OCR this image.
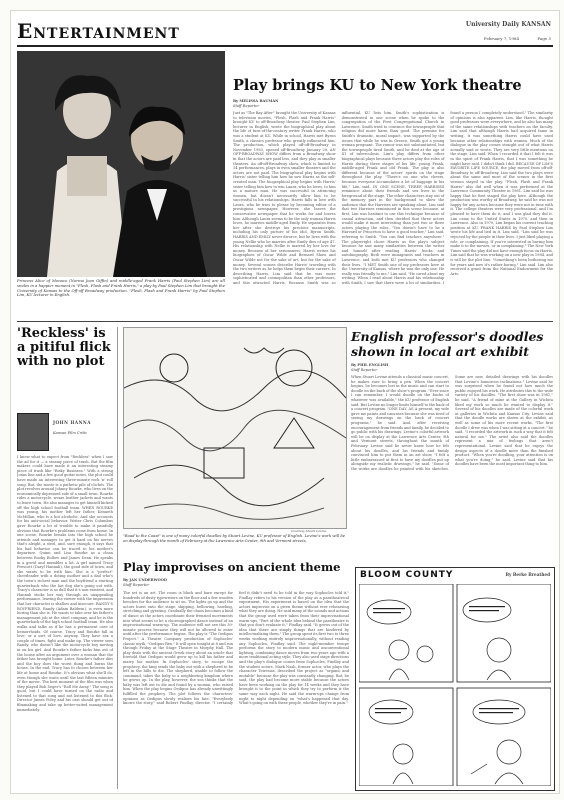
Entertainment	University Daily KANSAN
February 7, 1984	Page 5
Princess Alice of Monaco (Norma Jean Giffin) and middle-aged Frank Harris (Paul Stephen Lim) are all smiles in a happier moment in "Flesh, Flash and Frank Harris," a play by Paul Stephen Lim that brought the University of Kansas to the Off-off Broadway production. "Flesh, Flash and Frank Harris" by Paul Stephen Lim, KU lecturer in English.
Play brings KU to New York theatre
By MELISSA BAUMAN
Staff Reporter
Just as "The Bay After" brought the University of Kansas to television movies, "Flesh, Flash and Frank Harris" brought KU to off-Broadway theater. Paul Stephen Lim, lecturer in English, wrote the biographical play about the life of turn-of-the-century writer Frank Harris, who was a student at KU. While in school, Harris met Byron Smith, a classics professor who greatly influenced him. The production, which played off-off-Broadway in November 1983, opened off-Broadway January 20. AN OFF-BROADWAY SHOW differs from a Broadway show in that the actors are paid less, and they play in smaller theaters. An off-off-Broadway show, which is limited to 14 performances, plays in even smaller theaters and the actors are not paid. The biographical play begins with Harris' sister telling him how he saw Harris as the self-created man. The biographical play begins with Harris' sister telling him how to win Laura, who he loves, to him as a mature man. He was successful in attracting women, but doesn't necessarily allow him to be successful in his relationships. Harris falls in love with Laura, who he tries to please by becoming editor of a prestigious newspaper. However, she leaves the conservative newspaper that he works for and leaves him. Although Laura seems to be the only woman Harris loves, he marries middle-aged Emily. He separates from her after she destroys his precious manuscripts, including his only picture of his idol, Byron Smith. HARRIS AND EMILY never divorce, but he lives with the young Nellie who he marries after Emily dies of age 47. His relationship with Nellie is marred by her love for money. Because of her seriousness, Harris writes his biographies of Oscar Wilde and Bernard Shaw and Oscar Wilde not for the sake of art, but for the sake of money. Several scenes describe Harris' traveling with the two writers as he helps them begin their careers. In describing Harris, Lim said that he was more sophisticated and cosmopolitan than other professors, and this attracted Harris. Because Smith was so influential, KU lists him. Smith's sophistication is demonstrated in one scene when he spoke to the congregation of the First Congregational Church in Lawrence, Smith tried to convince the townspeople that religion did more harm than good. The premise for Smith's dramatic, moral impact, was supported by the issues that while he was in Greece, Smith got a young woman pregnant. The rumor was not substantiated, but the townspeople tired Smith, and he died at the age of 41 of tuberculosis. Lim's play differs from other biographical plays because three actors play the roles of Harris during three stages of his life: young Frank, middle-aged Frank and old Frank. The play is also different because of the actors' spirits on the stage throughout the play. "There's no one who cheers, because everyone accumulates a lot of baggage in his life," Lim said. IN ONE SCENE, THREE HARRISES reminisce about their friends and sex lives in the foreground of the stage. The other characters stay out of the memory part in the background to show the audience that the Harrises are speaking alone. Lim said that two Harrises reminisced in this scene because, at first, Lim was hesitant to use this technique because of casual attraction, and then decided that three actors would make it more interesting than just two or three actors playing the roles. "You doesn't have to be a Harvard or Princeton to have a good teacher," Lim said, referring to Smith. "You can find teachers anywhere." The playwright chose Harris as the play's subject because he saw many similarities between the writer and himself after reading Harris' books and autobiography. Both were immigrants and teachers in Lawrence, and both met KU professors who changed their lives. "I MET Smith one of my professors here at the University of Kansas, where he was the only one. He really was friendly to me," Lim said. "He cared about my writing. When I read about Harris and his relationship with Smith, I saw that there were a lot of similarities. I found a person I completely understood." The similarity of opinions is also apparent. Lim, like Harris, thought good professors were everywhere, and he also has many of the same relationships with teachers on the faculty. Lim said that although Harris had acquired fame in writing, it was something Harris could have used because other relationships with women. Much of the dialogue in the play comes straight out of what Harris actually said or wrote. They are very little mentions on the stage, Lim said. When I recorded it that I felt it was in the spirit of Frank Harris, that I was something he might have said. I didn't think I did. BECAUSE OF LIM'S FAVORITE LIFE SOURCE, the play moved from off-off-Broadway to off-Broadway. Lim said the two plays were about the same and most of the scenes in the first version stayed in the play. "Flesh, Flash and Frank Harris" also did well when it was performed at the Lawrence Community Theater in 1981. Lim said he was happy that he first staged the play here. Although the production was worthy of Broadway, he said he was not happy for any actors because they were not in tune with it. The college theaters were very professional, and I'm pleased to have them do it, and I was glad they did it. Lim came to the United States in 1970, and then in Lawrence. Also in 1970, Lim began his current teaching position at KU. FRANK HARRIS by Paul Stephen Lim wrote his life and lied in it. Lim said, "Lim said he was rejected by the people in their lives. I just liked playing a role, or complaining. If you're interested in having him make it to the movies, or in complaining." The New York Times said the play did not have enough focus on Harris. Lim said that he was working on a new play in 1984, and it will be the plot line. "Something's been bothering me for years and now it's rather boring," Lim said. Lim also received a grant from the National Endowment for the Arts.
'Reckless' is a pitiful flick with no plot
JOHN HANNA
Kansan Film Critic
I knew what to expect from "Reckless" when I saw the ad for it — a steamy piece of trash. But the film makers could have made it an interesting steamy piece of trash like "Risky Business." With a strong Jonas line and a few good guitar notes, the plot could have made an interesting three-minute rock 'n' roll song. But, the movie is a pathetic pile of clichés. The plot revolves around Johnny Rourke, who lives on the economically depressed side of a small town. Rourke rides a motorcycle, wears leather jackets and wants to leave town. He also manages to get himself kicked off the high school football team. WHEN ROURKE was young, his mother left her father, Kenneth McMillan, who is a hot alcoholic. And she accounts for his anti-social behavior. Writer Chris Columbus gave Rourke a lot of trouble to make it painfully obvious that Rourke's problems come from home. In one scene, Rourke breaks into the high school he attends and manages to get it hard on his nerves that's alright, a steel, and, sure enough, it says that his bad behavior can be traced to his mother's departure. Quinn and Lisa Rourke as a clean between Rooky Rollow and James Dean. He speaks in a growl and mumbles a lot. A girl named Tracy Prescott (Daryl Hannah), the good side of town, and she wants to be with him. She is a "perfect" cheerleader with a doting mother and a dad who's the town's richest man and the boyfriend a starting quarterback who the hot dog she's going out with. Tracy's character is so dull that it's non-existent, and Hannah sticks her way through an unappealing performance, leaving the viewer with the impression that her character is shallow and insecure. RANDY'S BOYFRIEND, Randy (Adam Baldwin), is even more boring than she is. He wants to take over his father's management job at the steel company, and he is the quarterback of the high school football team. He also walks and talks as if he has a permanent case of hemorrhoids. Of course, Tracy and Rourke fall in love, or a sort of love, anyway. They have sex a couple of times, fight and make up. The viewer sees Randy, who doesn't like the motorcycle boy moving in on his girl. And Rourke's father kicks him out of the house after an argument over a woman that the father has brought home. Later, Rourke's father dies and the boy does the worst thing and burns the house. In the end, Tracy has to choose between her life at home and Rourke. It's obvious what she'll do, even though she waits until the last fifteen minutes of the movie. The best moment of the film was when they played Bob Seger's "Roll Me Away." The song is good, but I could have turned on the radio and listened to that song and not listened to this flick. Director James Foley and his cast should get out of filmmaking and take up better-suited management immediately.
Courtesy Stuart Levine
"Road to the Coast" is one of many colorful doodles by Stuart Levine, KU professor of English. Levine's work will be on display through the month of February at the Lawrence Arts Center, 9th and Vermont streets.
English professor's doodles shown in local art exhibit
By PHIL ENGLISH
Staff Reporter
When Stuart Levine attends a classical music concert, he makes sure to bring a pen. When the concert begins, he becomes lost in the music and can start to doodle on the back of the show's program. "Ever since I can remember, I would doodle on the backs of whatever was available," the KU professor of English said. But Levine no longer limits himself to the back of a concert program. "ONE DAY, AS A present, my wife gave me paints and canvases because she was tired of seeing my drawings on the back of concert programs," he said. And, after receiving encouragement from friends and family, he decided to go public with his drawings. Levine's colorful artwork will be on display at the Lawrence Arts Center, 9th and Vermont streets, throughout the month of February. Levine said he never knew how he felt about his doodles, and his friends and family convinced him to put them in an art show. "I felt a little embarrassed at first to have my doodles put up alongside my realistic drawings," he said. "Some of the works are doodles he painted with his sketches. Some are new, detailed drawings with his doodles that Levine's humorous inclinations." Levine said he was surprised when he found out how much the public enjoyed his work. He attributes this to the wide variety of his doodles. "The first show was in 1981," he said. "A friend of mine at the Gallery in Wichita liked my work so much he wanted to display it." Several of his doodles are made of the colorful work at galleries in Wichita and Kansas City. Levine said that the doodle works are shown at the exhibit, as well as some of his more recent works. "The first doodle I drew was when I was sitting at a concert," he said. "I recorded the artwork in such a way that it felt natural for me." The artist also said the doodles represent a mix of feelings that aren't representational. Levine said that he enjoys the design aspects of a doodle more than the finished product. "When you're doodling, your attention is on what you're doing," he said. Levine said that his doodles have been the most important thing to him.
Play improvises on ancient theme
By JAN UNDERWOOD
Staff Reporter
The set is an art. The room is black and bare except for hundreds of dusty typewriters on the floor and a few wooden benches for the audience to sit on. The lights go up and the actors burst onto the stage, skipping, bellowing, howling, stretching and gyrating. Gradually the chaos becomes a kind of dance as the actors coordinate their frenzied movements into what seems to be a choreographed dance instead of an improvisational warm-up. The audience will not see this 30-minute process because they will not be allowed to enter until after the performance begins. The play is "The Oedipus Project." A Theatre Company production of Sophocles' classic myth, "Oedipus Rex." It will open tonight at 8 and run through Friday at the Stage Theatre in Murphy Hall. The play deals with the ancient Greek story about an oracle that foretold that Oedipus would grow up to kill his father and marry his mother. In Sophocles' story, to escape the prophecy, the king sends the baby out with a shepherd to be left in the hills to die. The shepherd, unable to follow the command, takes the baby to a neighboring kingdom where he grows up. In the play, however, the son thinks that the baby was left out to die and found by a woman, who raised him. When the play begins Oedipus has already unwittingly fulfilled the prophecy. The plot follows the characters' opinions as Oedipus slowly realizes his fate. "Everybody knows the story," said Robert Findlay, director. "I certainly feel it didn't need to be told in the way Sophocles told it." Findlay refers to his version of the play as a paratheatrical experiment. His experiment is based on the idea that the actors improvise on a given theme without ever rehearsing what they are doing. He said many of the sounds and actions that the group used were taken from their improvisational warm-ups. "Part of the whole idea behind the paratheatre is that you don't evaluate it," Findlay said. "It grows out of the idea that there are simply things that are hindered by intellectualizing them." The group spent its first two to three weeks working entirely improvisationally, without reading any Sophocles, Findlay said. The eight-member troupe performs the story to modern music and unconventional lighting, combining dance moves from two years ago with a more traditional acting style. They also used stage directions and the play's dialogue comes from Sophocles, Findlay and the student actors. Mark Nash, former actor, who plays the character Teiresias, described the project as "organic and mutable" because the play was constantly changing. But, he said, the play had become more stable because the actors have been working on the play for 14 weeks and they have brought it to the point in which they try to perform it the same way each night. He said the warm-ups change from night to night depending on "what's happened that day. What's going on with these people, whether they're in pain."
BLOOM COUNTY	By Berke Breathed
